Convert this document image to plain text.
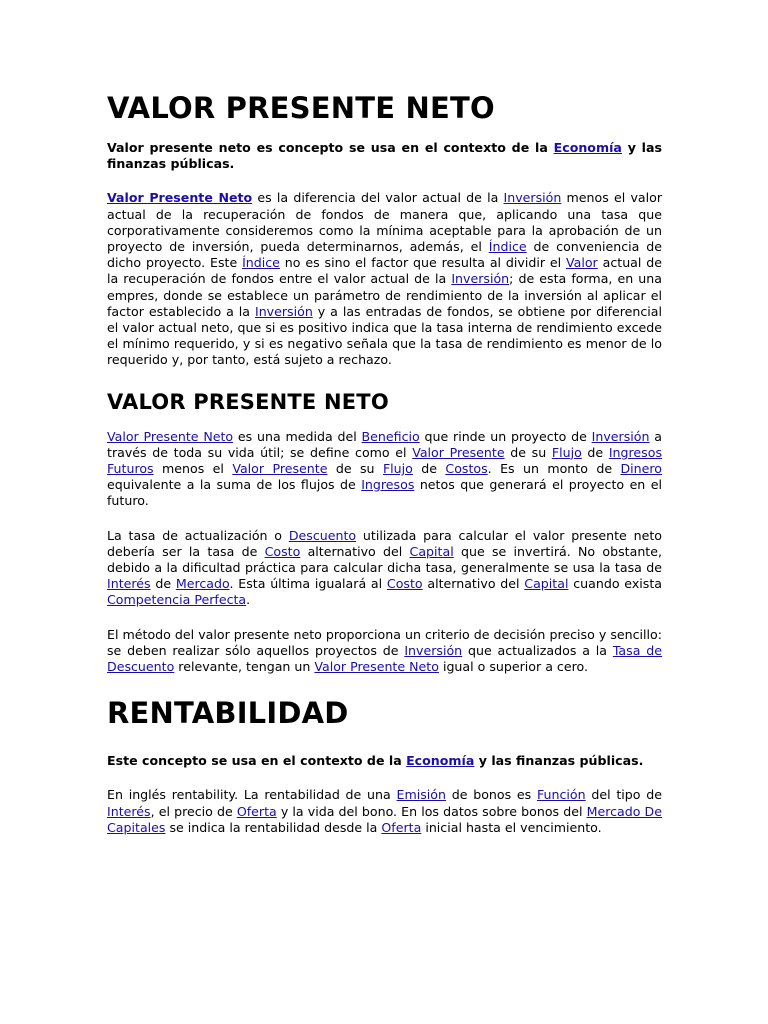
VALOR PRESENTE NETO

Valor presente neto es concepto se usa en el contexto de la Economía y las finanzas públicas.

Valor Presente Neto es la diferencia del valor actual de la Inversión menos el valor actual de la recuperación de fondos de manera que, aplicando una tasa que corporativamente consideremos como la mínima aceptable para la aprobación de un proyecto de inversión, pueda determinarnos, además, el Índice de conveniencia de dicho proyecto. Este Índice no es sino el factor que resulta al dividir el Valor actual de la recuperación de fondos entre el valor actual de la Inversión; de esta forma, en una empres, donde se establece un parámetro de rendimiento de la inversión al aplicar el factor establecido a la Inversión y a las entradas de fondos, se obtiene por diferencial el valor actual neto, que si es positivo indica que la tasa interna de rendimiento excede el mínimo requerido, y si es negativo señala que la tasa de rendimiento es menor de lo requerido y, por tanto, está sujeto a rechazo.

VALOR PRESENTE NETO

Valor Presente Neto es una medida del Beneficio que rinde un proyecto de Inversión a través de toda su vida útil; se define como el Valor Presente de su Flujo de Ingresos Futuros menos el Valor Presente de su Flujo de Costos. Es un monto de Dinero equivalente a la suma de los flujos de Ingresos netos que generará el proyecto en el futuro.

La tasa de actualización o Descuento utilizada para calcular el valor presente neto debería ser la tasa de Costo alternativo del Capital que se invertirá. No obstante, debido a la dificultad práctica para calcular dicha tasa, generalmente se usa la tasa de Interés de Mercado. Esta última igualará al Costo alternativo del Capital cuando exista Competencia Perfecta.

El método del valor presente neto proporciona un criterio de decisión preciso y sencillo: se deben realizar sólo aquellos proyectos de Inversión que actualizados a la Tasa de Descuento relevante, tengan un Valor Presente Neto igual o superior a cero.

RENTABILIDAD

Este concepto se usa en el contexto de la Economía y las finanzas públicas.

En inglés rentability. La rentabilidad de una Emisión de bonos es Función del tipo de Interés, el precio de Oferta y la vida del bono. En los datos sobre bonos del Mercado De Capitales se indica la rentabilidad desde la Oferta inicial hasta el vencimiento.
